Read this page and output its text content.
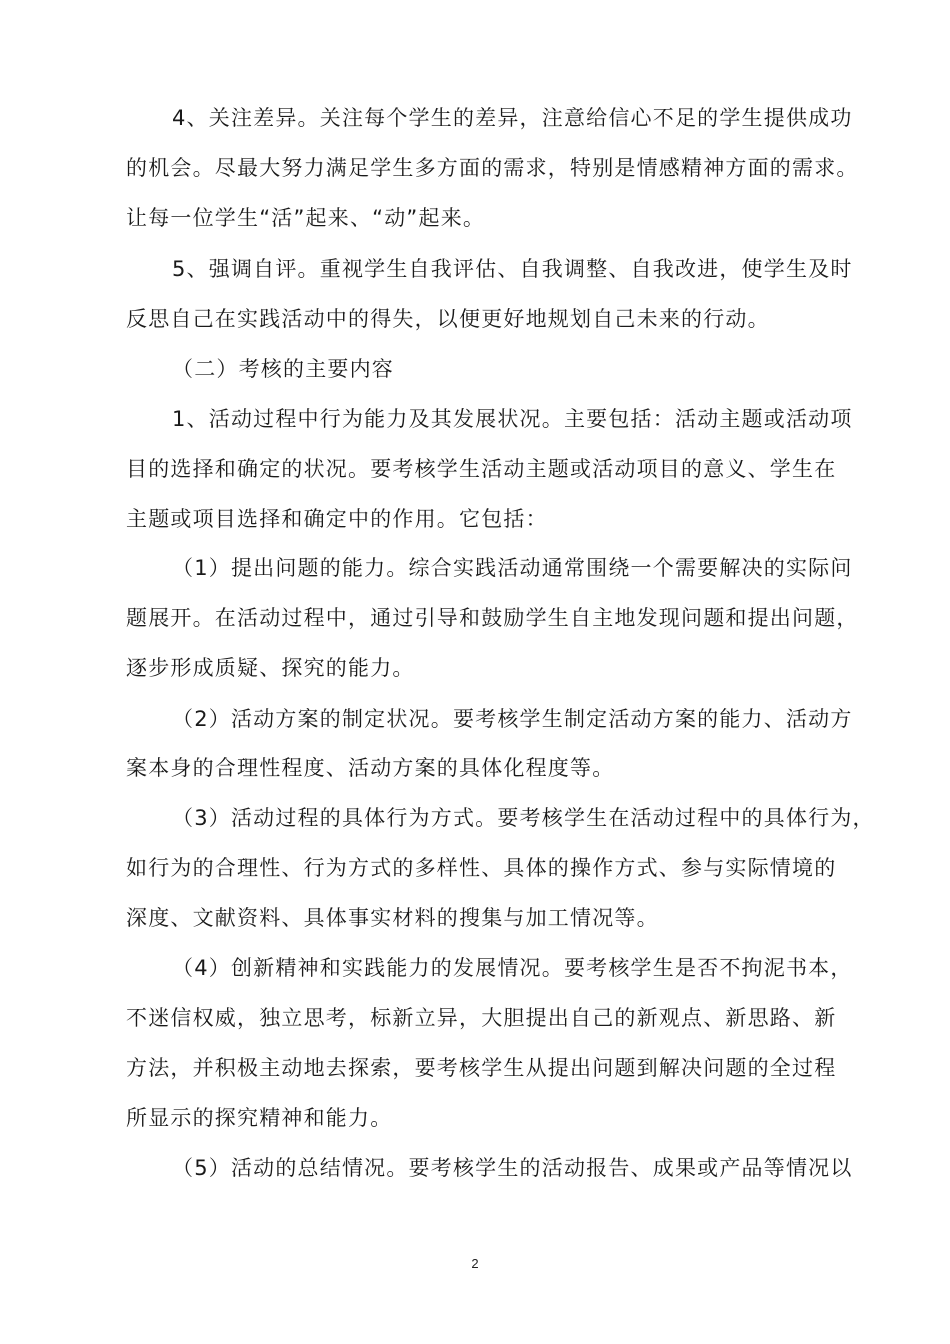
4、关注差异。关注每个学生的差异，注意给信心不足的学生提供成功
的机会。尽最大努力满足学生多方面的需求，特别是情感精神方面的需求。
让每一位学生“活”起来、“动”起来。
5、强调自评。重视学生自我评估、自我调整、自我改进，使学生及时
反思自己在实践活动中的得失，以便更好地规划自己未来的行动。
（二）考核的主要内容
1、活动过程中行为能力及其发展状况。主要包括：活动主题或活动项
目的选择和确定的状况。要考核学生活动主题或活动项目的意义、学生在
主题或项目选择和确定中的作用。它包括：
（1）提出问题的能力。综合实践活动通常围绕一个需要解决的实际问
题展开。在活动过程中，通过引导和鼓励学生自主地发现问题和提出问题，
逐步形成质疑、探究的能力。
（2）活动方案的制定状况。要考核学生制定活动方案的能力、活动方
案本身的合理性程度、活动方案的具体化程度等。
（3）活动过程的具体行为方式。要考核学生在活动过程中的具体行为，
如行为的合理性、行为方式的多样性、具体的操作方式、参与实际情境的
深度、文献资料、具体事实材料的搜集与加工情况等。
（4）创新精神和实践能力的发展情况。要考核学生是否不拘泥书本，
不迷信权威，独立思考，标新立异，大胆提出自己的新观点、新思路、新
方法，并积极主动地去探索，要考核学生从提出问题到解决问题的全过程
所显示的探究精神和能力。
（5）活动的总结情况。要考核学生的活动报告、成果或产品等情况以
2
